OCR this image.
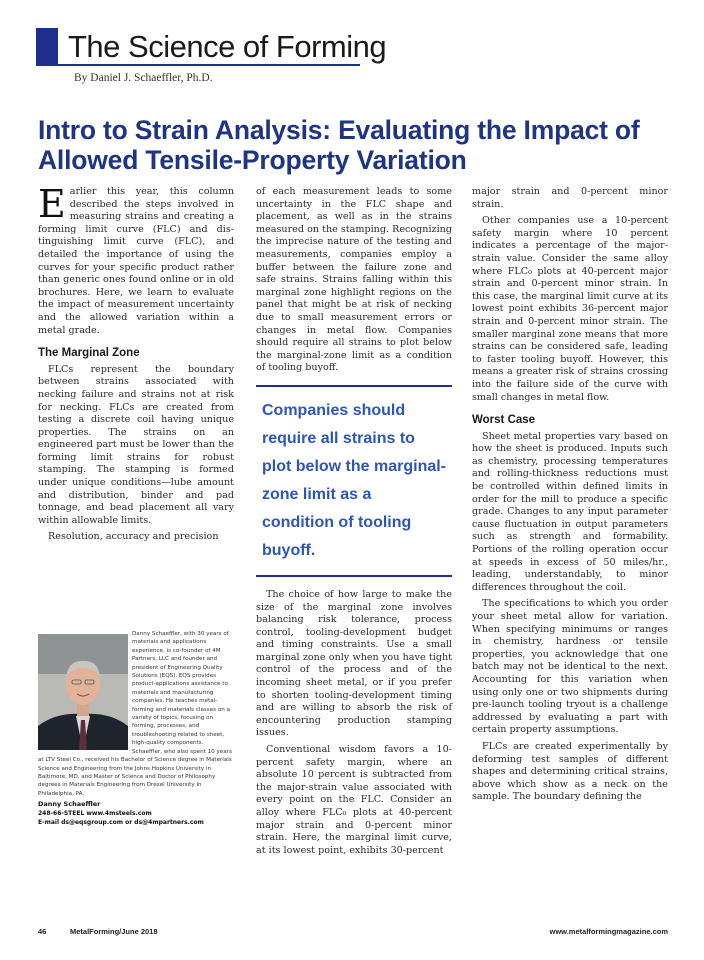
The Science of Forming
By Daniel J. Schaeffler, Ph.D.
Intro to Strain Analysis: Evaluating the Impact of Allowed Tensile-Property Variation

Earlier this year, this column described the steps involved in measuring strains and creating a forming limit curve (FLC) and distinguishing limit curve (FLC), and detailed the importance of using the curves for your specific product rather than generic ones found online or in old brochures. Here, we learn to evaluate the impact of measurement uncertainty and the allowed variation within a metal grade.

The Marginal Zone

FLCs represent the boundary between strains associated with necking failure and strains not at risk for necking. FLCs are created from testing a discrete coil having unique properties. The strains on an engineered part must be lower than the forming limit strains for robust stamping. The stamping is formed under unique conditions—lube amount and distribution, binder and pad tonnage, and bead placement all vary within allowable limits.

Resolution, accuracy and precision

Danny Schaeffler, with 30 years of materials and applications experience, is co-founder of 4M Partners, LLC and founder and president of Engineering Quality Solutions (EQS). EQS provides product-applications assistance to materials and manufacturing companies. He teaches metal-forming and materials classes on a variety of topics, focusing on forming, processes, and troubleshooting related to sheet, high-quality components. Schaeffler, who also spent 10 years at LTV Steel Co., received his Bachelor of Science degree in Materials Science and Engineering from the Johns Hopkins University in Baltimore, MD, and Master of Science and Doctor of Philosophy degrees in Materials Engineering from Drexel University in Philadelphia, PA.
Danny Schaeffler
248-66-STEEL www.4msteels.com
E-mail ds@eqsgroup.com or ds@4mpartners.com

of each measurement leads to some uncertainty in the FLC shape and placement, as well as in the strains measured on the stamping. Recognizing the imprecise nature of the testing and measurements, companies employ a buffer between the failure zone and safe strains. Strains falling within this marginal zone highlight regions on the panel that might be at risk of necking due to small measurement errors or changes in metal flow. Companies should require all strains to plot below the marginal-zone limit as a condition of tooling buyoff.

Companies should require all strains to plot below the marginal-zone limit as a condition of tooling buyoff.

The choice of how large to make the size of the marginal zone involves balancing risk tolerance, process control, tooling-development budget and timing constraints. Use a small marginal zone only when you have tight control of the process and of the incoming sheet metal, or if you prefer to shorten tooling-development timing and are willing to absorb the risk of encountering production stamping issues.

Conventional wisdom favors a 10-percent safety margin, where an absolute 10 percent is subtracted from the major-strain value associated with every point on the FLC. Consider an alloy where FLC₀ plots at 40-percent major strain and 0-percent minor strain. Here, the marginal limit curve, at its lowest point, exhibits 30-percent

major strain and 0-percent minor strain.

Other companies use a 10-percent safety margin where 10 percent indicates a percentage of the major-strain value. Consider the same alloy where FLC₀ plots at 40-percent major strain and 0-percent minor strain. In this case, the marginal limit curve at its lowest point exhibits 36-percent major strain and 0-percent minor strain. The smaller marginal zone means that more strains can be considered safe, leading to faster tooling buyoff. However, this means a greater risk of strains crossing into the failure side of the curve with small changes in metal flow.

Worst Case

Sheet metal properties vary based on how the sheet is produced. Inputs such as chemistry, processing temperatures and rolling-thickness reductions must be controlled within defined limits in order for the mill to produce a specific grade. Changes to any input parameter cause fluctuation in output parameters such as strength and formability. Portions of the rolling operation occur at speeds in excess of 50 miles/hr., leading, understandably, to minor differences throughout the coil.

The specifications to which you order your sheet metal allow for variation. When specifying minimums or ranges in chemistry, hardness or tensile properties, you acknowledge that one batch may not be identical to the next. Accounting for this variation when using only one or two shipments during pre-launch tooling tryout is a challenge addressed by evaluating a part with certain property assumptions.

FLCs are created experimentally by deforming test samples of different shapes and determining critical strains, above which show as a neck on the sample. The boundary defining the

46	MetalForming/June 2018	www.metalformingmagazine.com
